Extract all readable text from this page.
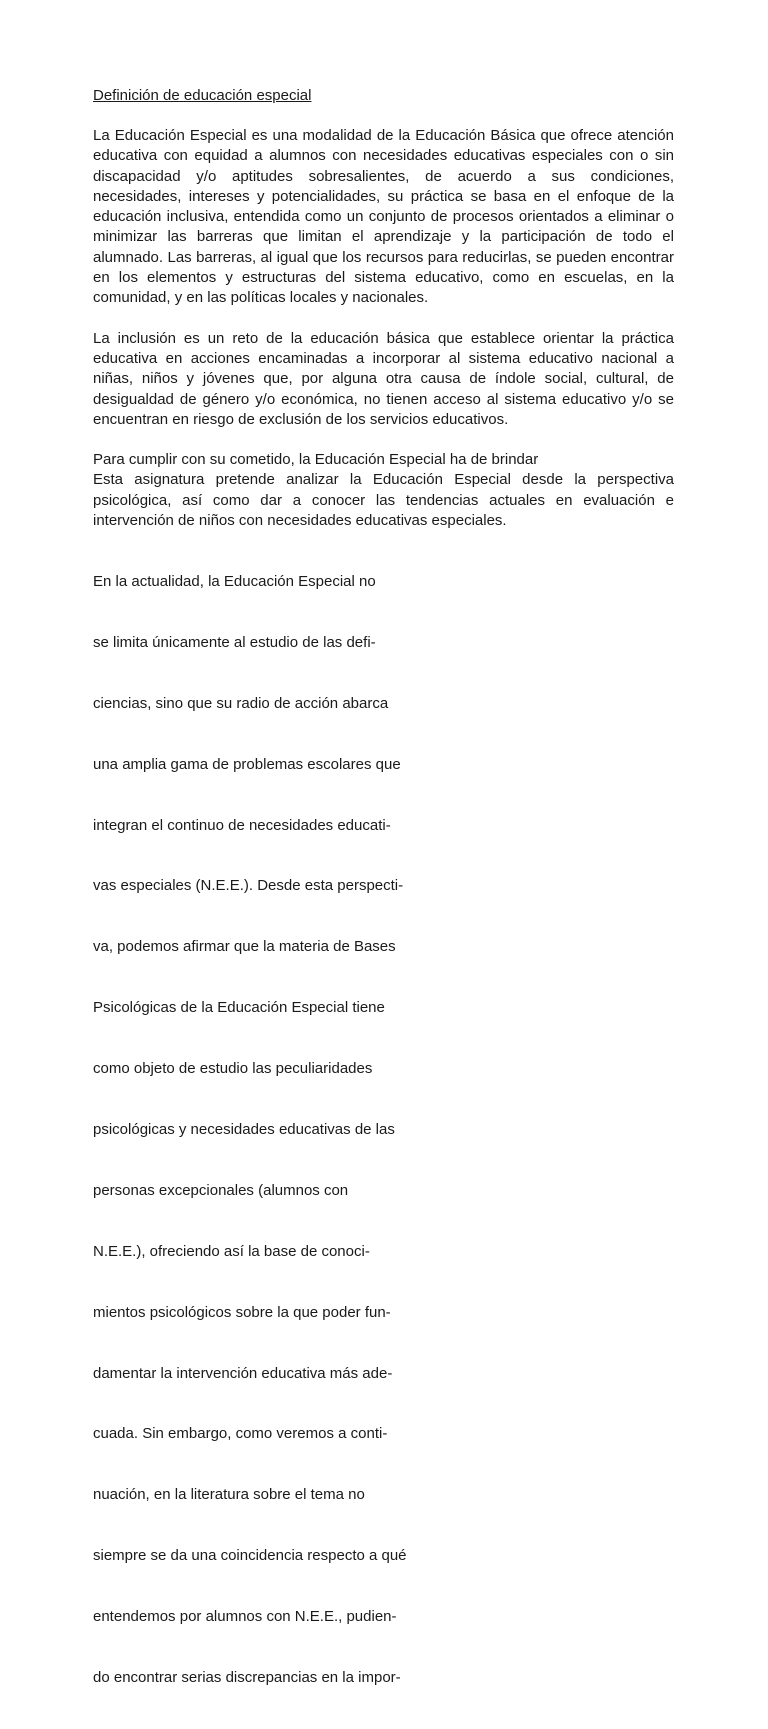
Definición de educación especial

La Educación Especial es una modalidad de la Educación Básica que ofrece atención educativa con equidad a alumnos con necesidades educativas especiales con o sin discapacidad y/o aptitudes sobresalientes, de acuerdo a sus condiciones, necesidades, intereses y potencialidades, su práctica se basa en el enfoque de la educación inclusiva, entendida como un conjunto de procesos orientados a eliminar o minimizar las barreras que limitan el aprendizaje y la participación de todo el alumnado. Las barreras, al igual que los recursos para reducirlas, se pueden encontrar en los elementos y estructuras del sistema educativo, como en escuelas, en la comunidad, y en las políticas locales y nacionales.

La inclusión es un reto de la educación básica que establece orientar la práctica educativa en acciones encaminadas a incorporar al sistema educativo nacional a niñas, niños y jóvenes que, por alguna otra causa de índole social, cultural, de desigualdad de género y/o económica, no tienen acceso al sistema educativo y/o se encuentran en riesgo de exclusión de los servicios educativos.

Para cumplir con su cometido, la Educación Especial ha de brindar

Esta asignatura pretende analizar la Educación Especial desde la perspectiva psicológica, así como dar a conocer las tendencias actuales en evaluación e intervención de niños con necesidades educativas especiales.

En la actualidad, la Educación Especial no

se limita únicamente al estudio de las defi-

ciencias, sino que su radio de acción abarca

una amplia gama de problemas escolares que

integran el continuo de necesidades educati-

vas especiales (N.E.E.). Desde esta perspecti-

va, podemos afirmar que la materia de Bases

Psicológicas de la Educación Especial tiene

como objeto de estudio las peculiaridades

psicológicas y necesidades educativas de las

personas excepcionales (alumnos con

N.E.E.), ofreciendo así la base de conoci-

mientos psicológicos sobre la que poder fun-

damentar la intervención educativa más ade-

cuada. Sin embargo, como veremos a conti-

nuación, en la literatura sobre el tema no

siempre se da una coincidencia respecto a qué

entendemos por alumnos con N.E.E., pudien-

do encontrar serias discrepancias en la impor-
